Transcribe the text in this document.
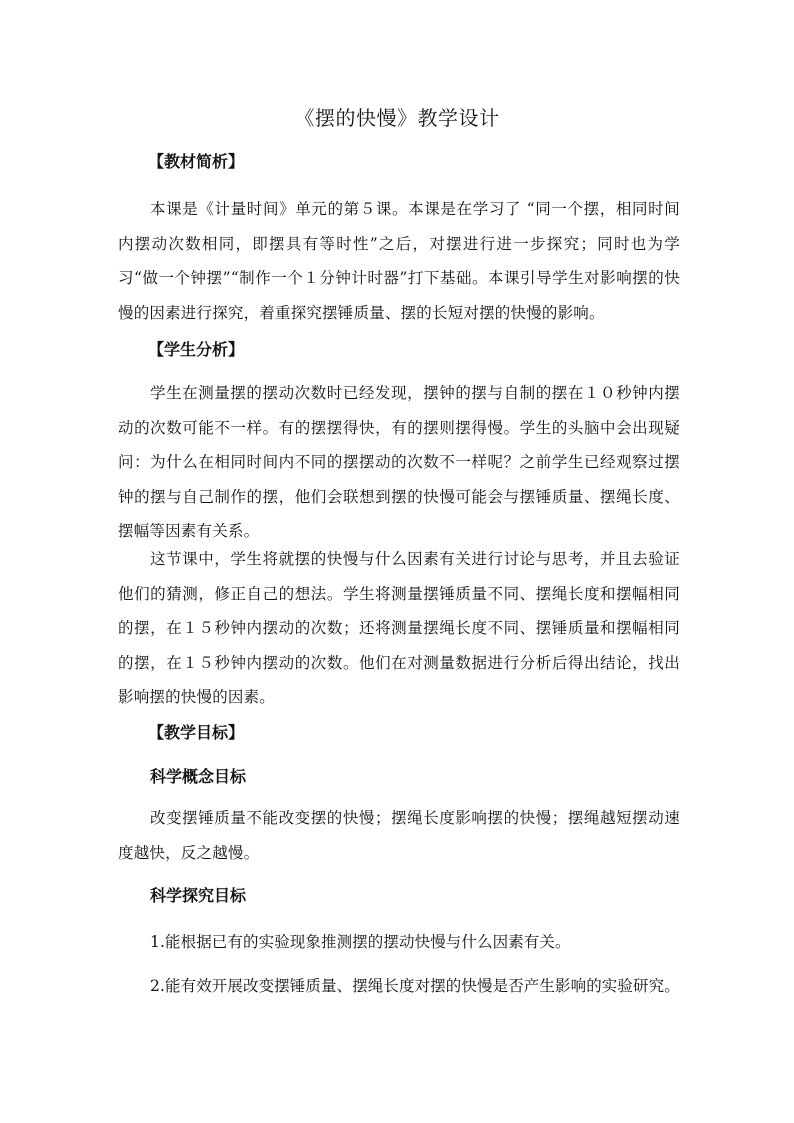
《摆的快慢》教学设计
【教材简析】
本课是《计量时间》单元的第５课。本课是在学习了 “同一个摆，相同时间内摆动次数相同，即摆具有等时性”之后，对摆进行进一步探究；同时也为学习“做一个钟摆”“制作一个１分钟计时器”打下基础。本课引导学生对影响摆的快慢的因素进行探究，着重探究摆锤质量、摆的长短对摆的快慢的影响。
【学生分析】
学生在测量摆的摆动次数时已经发现，摆钟的摆与自制的摆在１０秒钟内摆动的次数可能不一样。有的摆摆得快，有的摆则摆得慢。学生的头脑中会出现疑问：为什么在相同时间内不同的摆摆动的次数不一样呢？之前学生已经观察过摆钟的摆与自己制作的摆，他们会联想到摆的快慢可能会与摆锤质量、摆绳长度、摆幅等因素有关系。
这节课中，学生将就摆的快慢与什么因素有关进行讨论与思考，并且去验证他们的猜测，修正自己的想法。学生将测量摆锤质量不同、摆绳长度和摆幅相同的摆，在１５秒钟内摆动的次数；还将测量摆绳长度不同、摆锤质量和摆幅相同的摆，在１５秒钟内摆动的次数。他们在对测量数据进行分析后得出结论，找出影响摆的快慢的因素。
【教学目标】
科学概念目标
改变摆锤质量不能改变摆的快慢；摆绳长度影响摆的快慢；摆绳越短摆动速度越快，反之越慢。
科学探究目标
1.能根据已有的实验现象推测摆的摆动快慢与什么因素有关。
2.能有效开展改变摆锤质量、摆绳长度对摆的快慢是否产生影响的实验研究。
